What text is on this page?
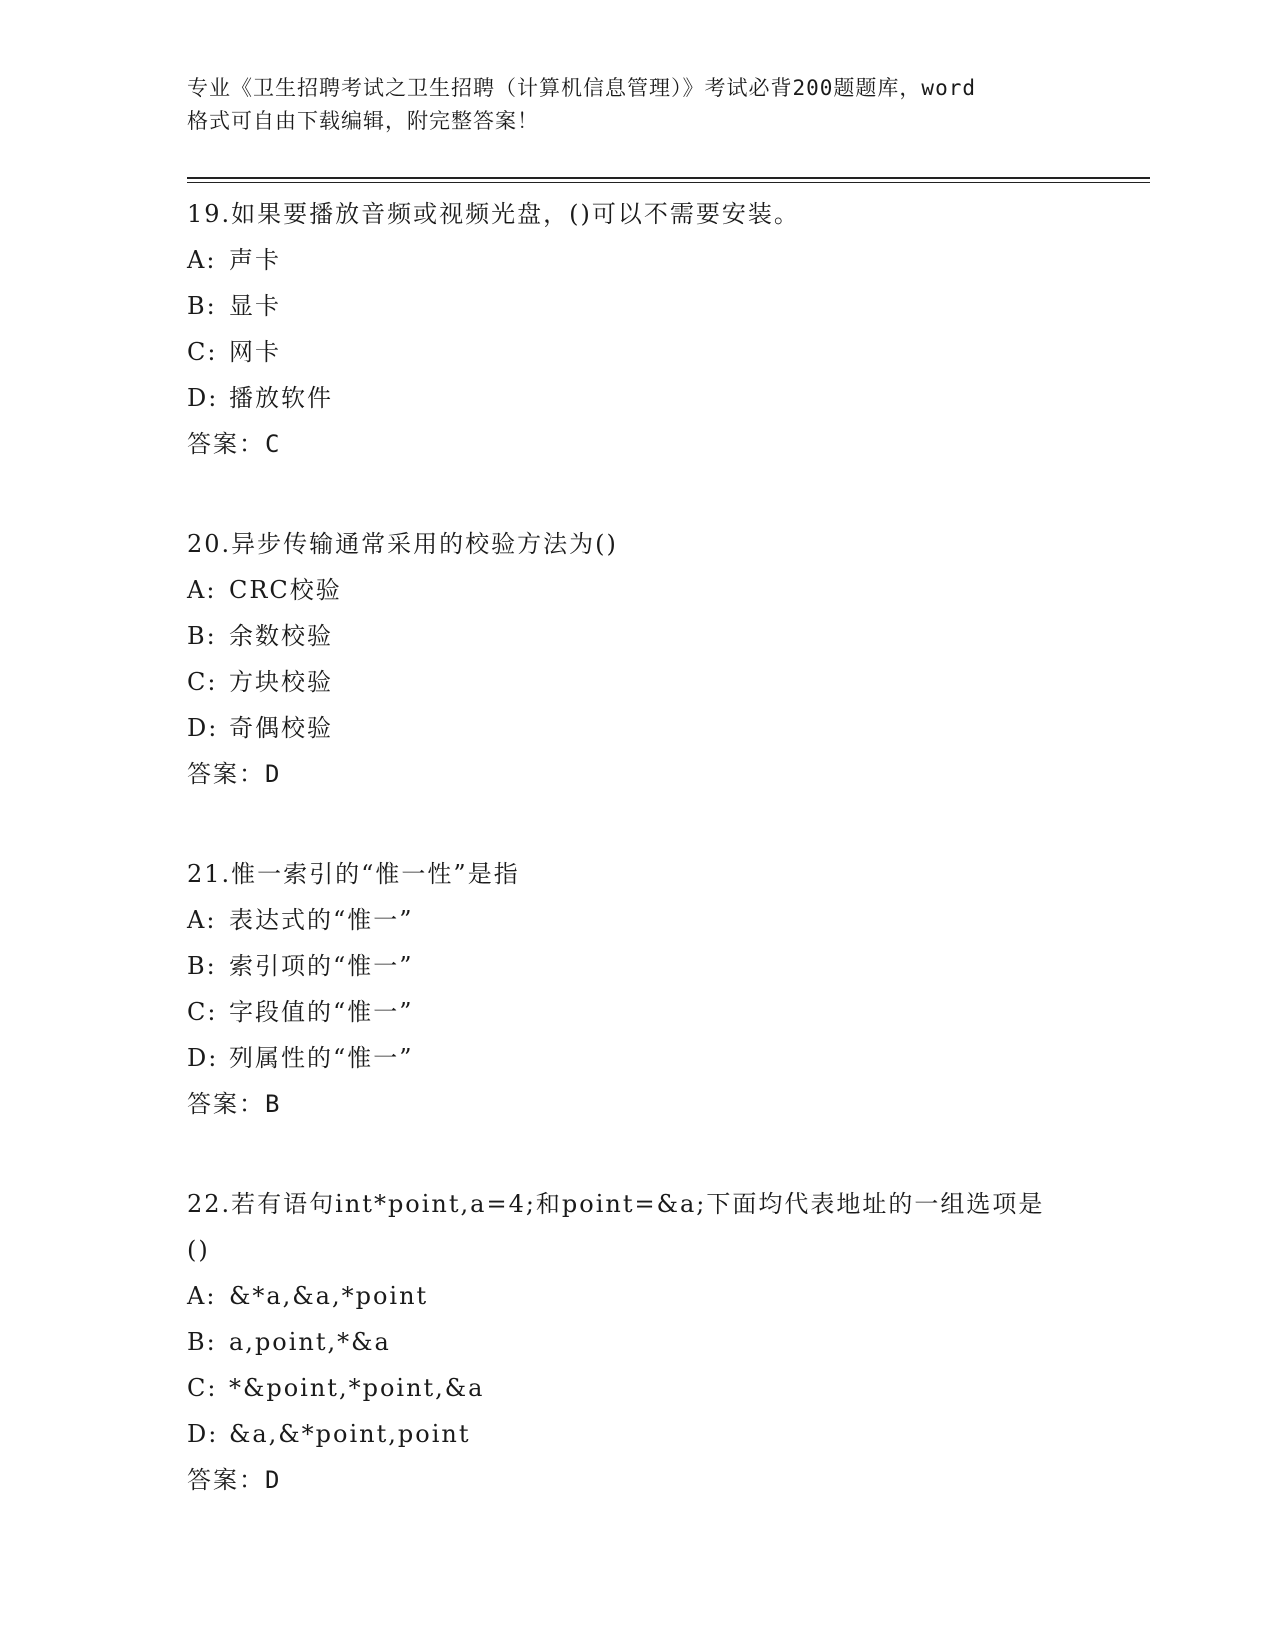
专业《卫生招聘考试之卫生招聘（计算机信息管理）》考试必背200题题库，word
格式可自由下载编辑，附完整答案！
19.如果要播放音频或视频光盘，()可以不需要安装。
A: 声卡
B: 显卡
C: 网卡
D: 播放软件
答案：C
20.异步传输通常采用的校验方法为()
A: CRC校验
B: 余数校验
C: 方块校验
D: 奇偶校验
答案：D
21.惟一索引的“惟一性”是指
A: 表达式的“惟一”
B: 索引项的“惟一”
C: 字段值的“惟一”
D: 列属性的“惟一”
答案：B
22.若有语句int*point,a=4;和point=&a;下面均代表地址的一组选项是()
A: &*a,&a,*point
B: a,point,*&a
C: *&point,*point,&a
D: &a,&*point,point
答案：D
